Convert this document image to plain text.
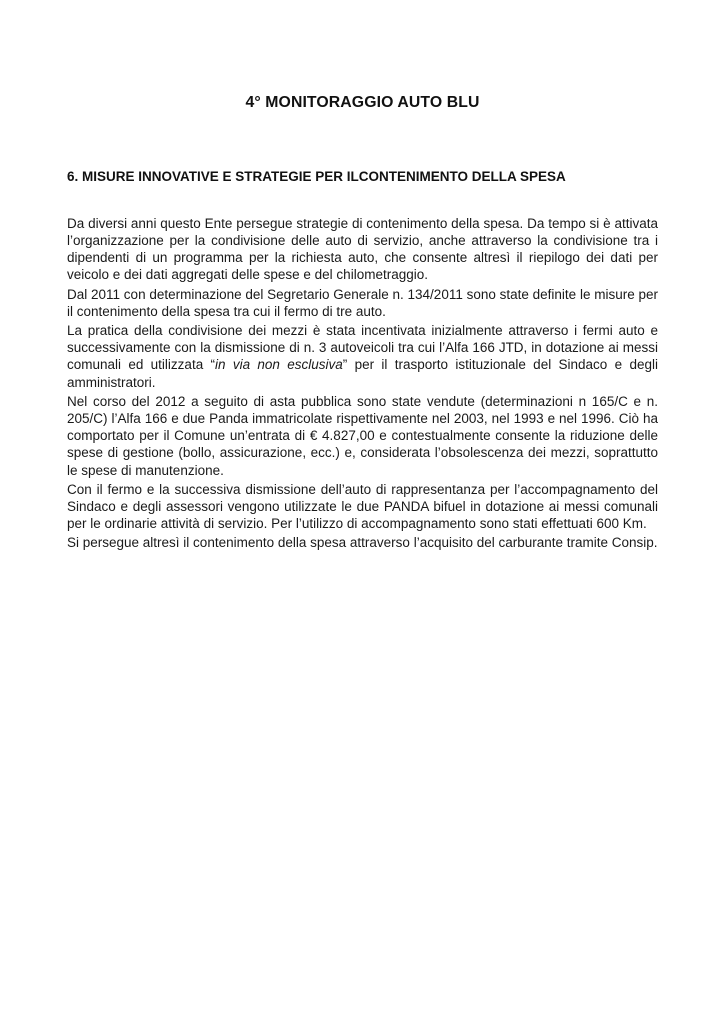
4° MONITORAGGIO AUTO BLU
6. MISURE INNOVATIVE E STRATEGIE PER ILCONTENIMENTO DELLA SPESA

Da diversi anni questo Ente persegue strategie di contenimento della spesa. Da tempo si è attivata l’organizzazione per la condivisione delle auto di servizio, anche attraverso la condivisione tra i dipendenti di un programma per la richiesta auto, che consente altresì il riepilogo dei dati per veicolo e dei dati aggregati delle spese e del chilometraggio.

Dal 2011 con determinazione del Segretario Generale n. 134/2011 sono state definite le misure per il contenimento della spesa tra cui il fermo di tre auto.

La pratica della condivisione dei mezzi è stata incentivata inizialmente attraverso i fermi auto e successivamente con la dismissione di n. 3 autoveicoli tra cui l’Alfa 166 JTD, in dotazione ai messi comunali ed utilizzata “in via non esclusiva” per il trasporto istituzionale del Sindaco e degli amministratori.

Nel corso del 2012 a seguito di asta pubblica sono state vendute (determinazioni n 165/C e n. 205/C) l’Alfa 166 e due Panda immatricolate rispettivamente nel 2003, nel 1993 e nel 1996. Ciò ha comportato per il Comune un’entrata di € 4.827,00 e contestualmente consente la riduzione delle spese di gestione (bollo, assicurazione, ecc.) e, considerata l’obsolescenza dei mezzi, soprattutto le spese di manutenzione.

Con il fermo e la successiva dismissione dell’auto di rappresentanza per l’accompagnamento del Sindaco e degli assessori vengono utilizzate le due PANDA bifuel in dotazione ai messi comunali per le ordinarie attività di servizio. Per l’utilizzo di accompagnamento sono stati effettuati 600 Km.

Si persegue altresì il contenimento della spesa attraverso l’acquisito del carburante tramite Consip.
